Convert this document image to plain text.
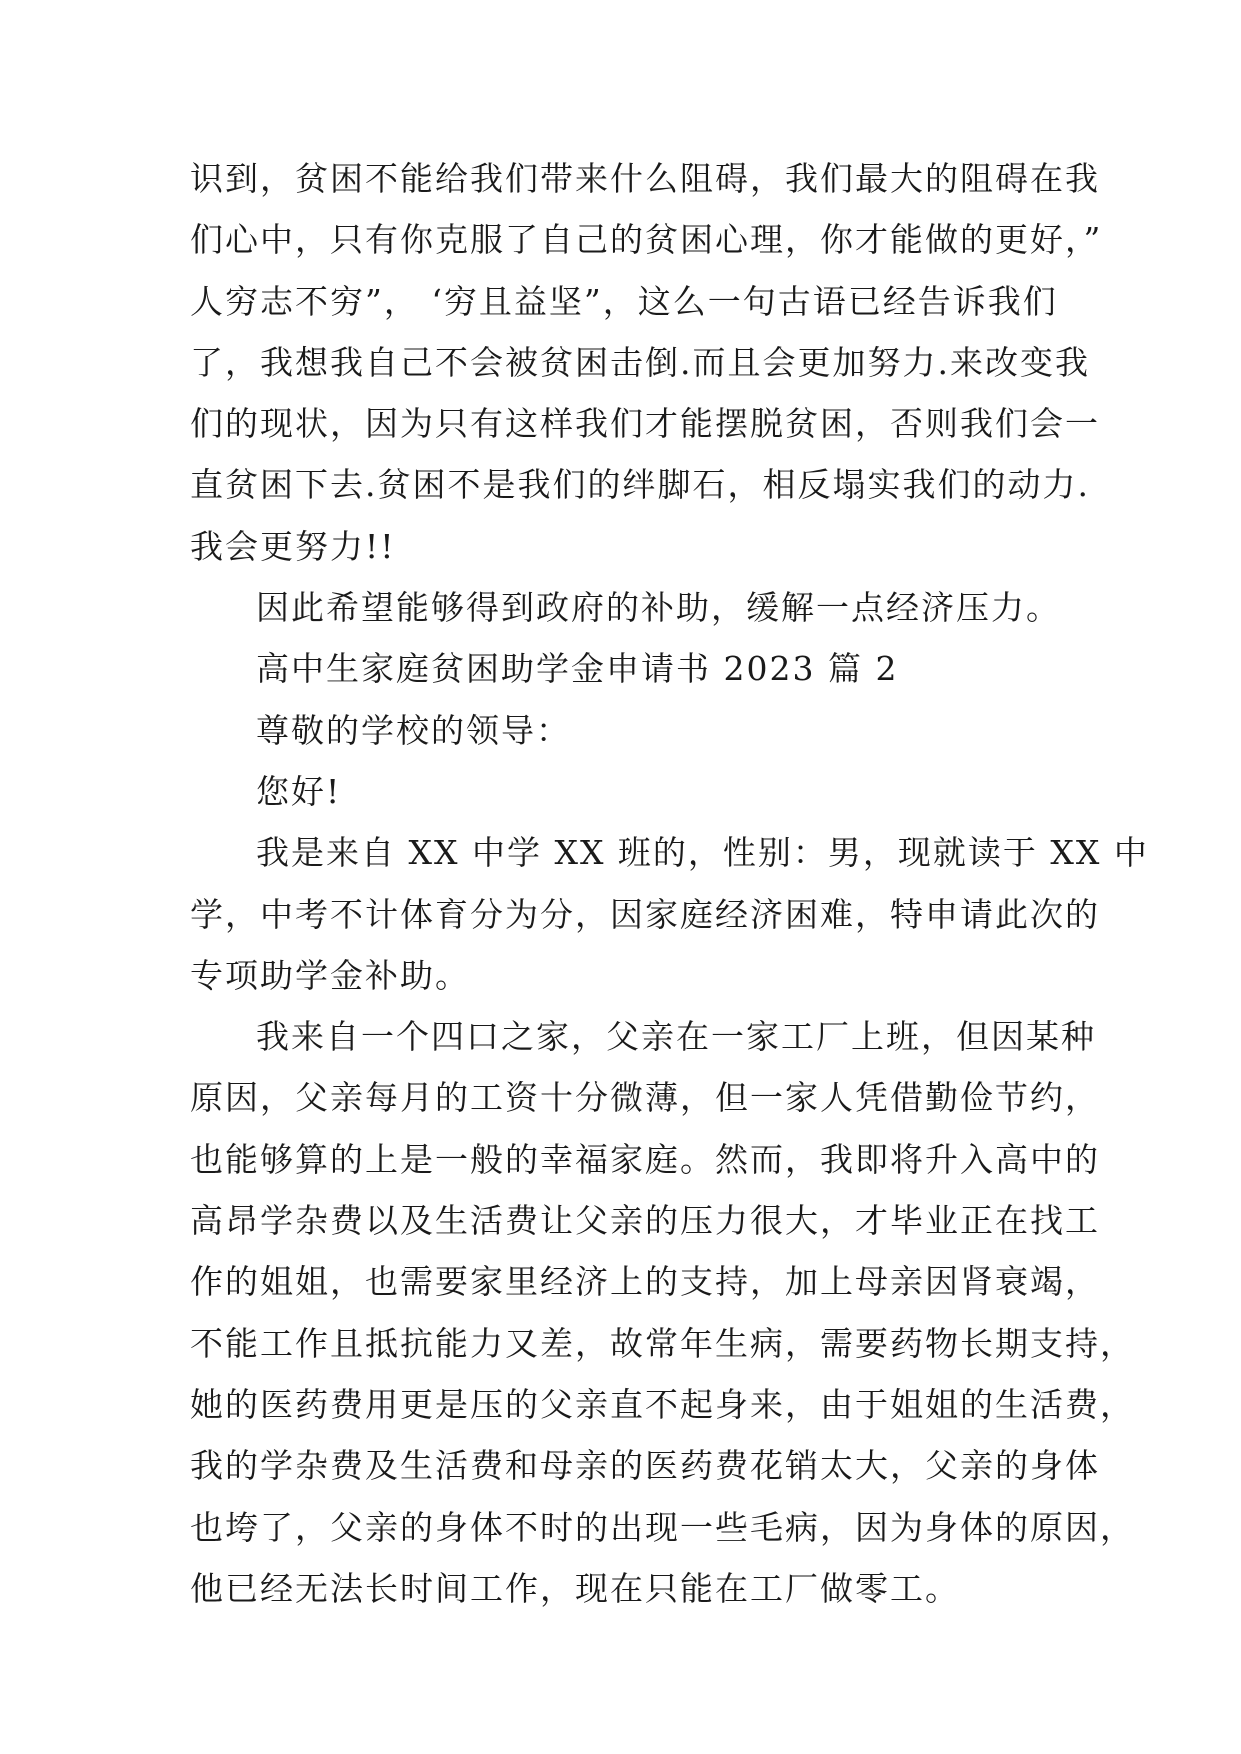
识到，贫困不能给我们带来什么阻碍，我们最大的阻碍在我
们心中，只有你克服了自己的贫困心理，你才能做的更好，”
人穷志不穷”， ‘穷且益坚”，这么一句古语已经告诉我们
了，我想我自己不会被贫困击倒.而且会更加努力.来改变我
们的现状，因为只有这样我们才能摆脱贫困，否则我们会一
直贫困下去.贫困不是我们的绊脚石，相反塌实我们的动力.
我会更努力!!
因此希望能够得到政府的补助，缓解一点经济压力。
高中生家庭贫困助学金申请书 2023 篇 2
尊敬的学校的领导：
您好!
我是来自 XX 中学 XX 班的，性别：男，现就读于 XX 中
学，中考不计体育分为分，因家庭经济困难，特申请此次的
专项助学金补助。
我来自一个四口之家，父亲在一家工厂上班，但因某种
原因，父亲每月的工资十分微薄，但一家人凭借勤俭节约，
也能够算的上是一般的幸福家庭。然而，我即将升入高中的
高昂学杂费以及生活费让父亲的压力很大，才毕业正在找工
作的姐姐，也需要家里经济上的支持，加上母亲因肾衰竭，
不能工作且抵抗能力又差，故常年生病，需要药物长期支持，
她的医药费用更是压的父亲直不起身来，由于姐姐的生活费，
我的学杂费及生活费和母亲的医药费花销太大，父亲的身体
也垮了，父亲的身体不时的出现一些毛病，因为身体的原因，
他已经无法长时间工作，现在只能在工厂做零工。
